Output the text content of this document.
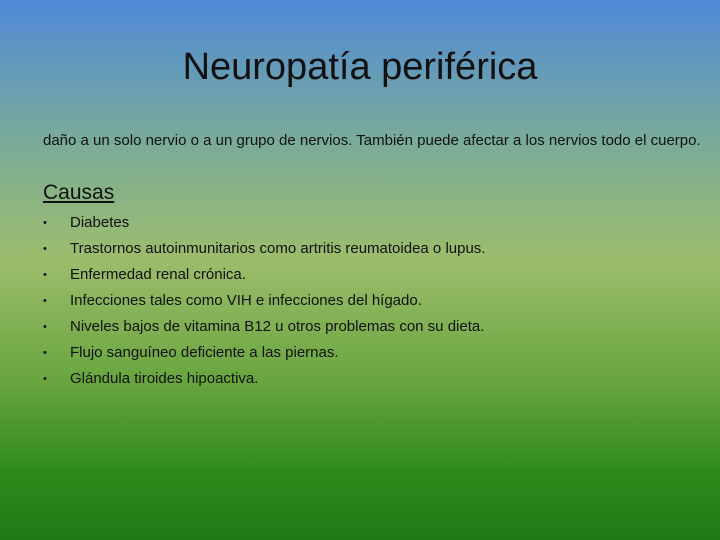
Neuropatía periférica
daño a un solo nervio o a un grupo de nervios. También puede afectar a los nervios todo el cuerpo.
Causas
•	Diabetes
•	Trastornos autoinmunitarios como artritis reumatoidea o lupus.
•	Enfermedad renal crónica.
•	Infecciones tales como VIH e infecciones del hígado.
•	Niveles bajos de vitamina B12 u otros problemas con su dieta.
•	Flujo sanguíneo deficiente a las piernas.
•	Glándula tiroides hipoactiva.
